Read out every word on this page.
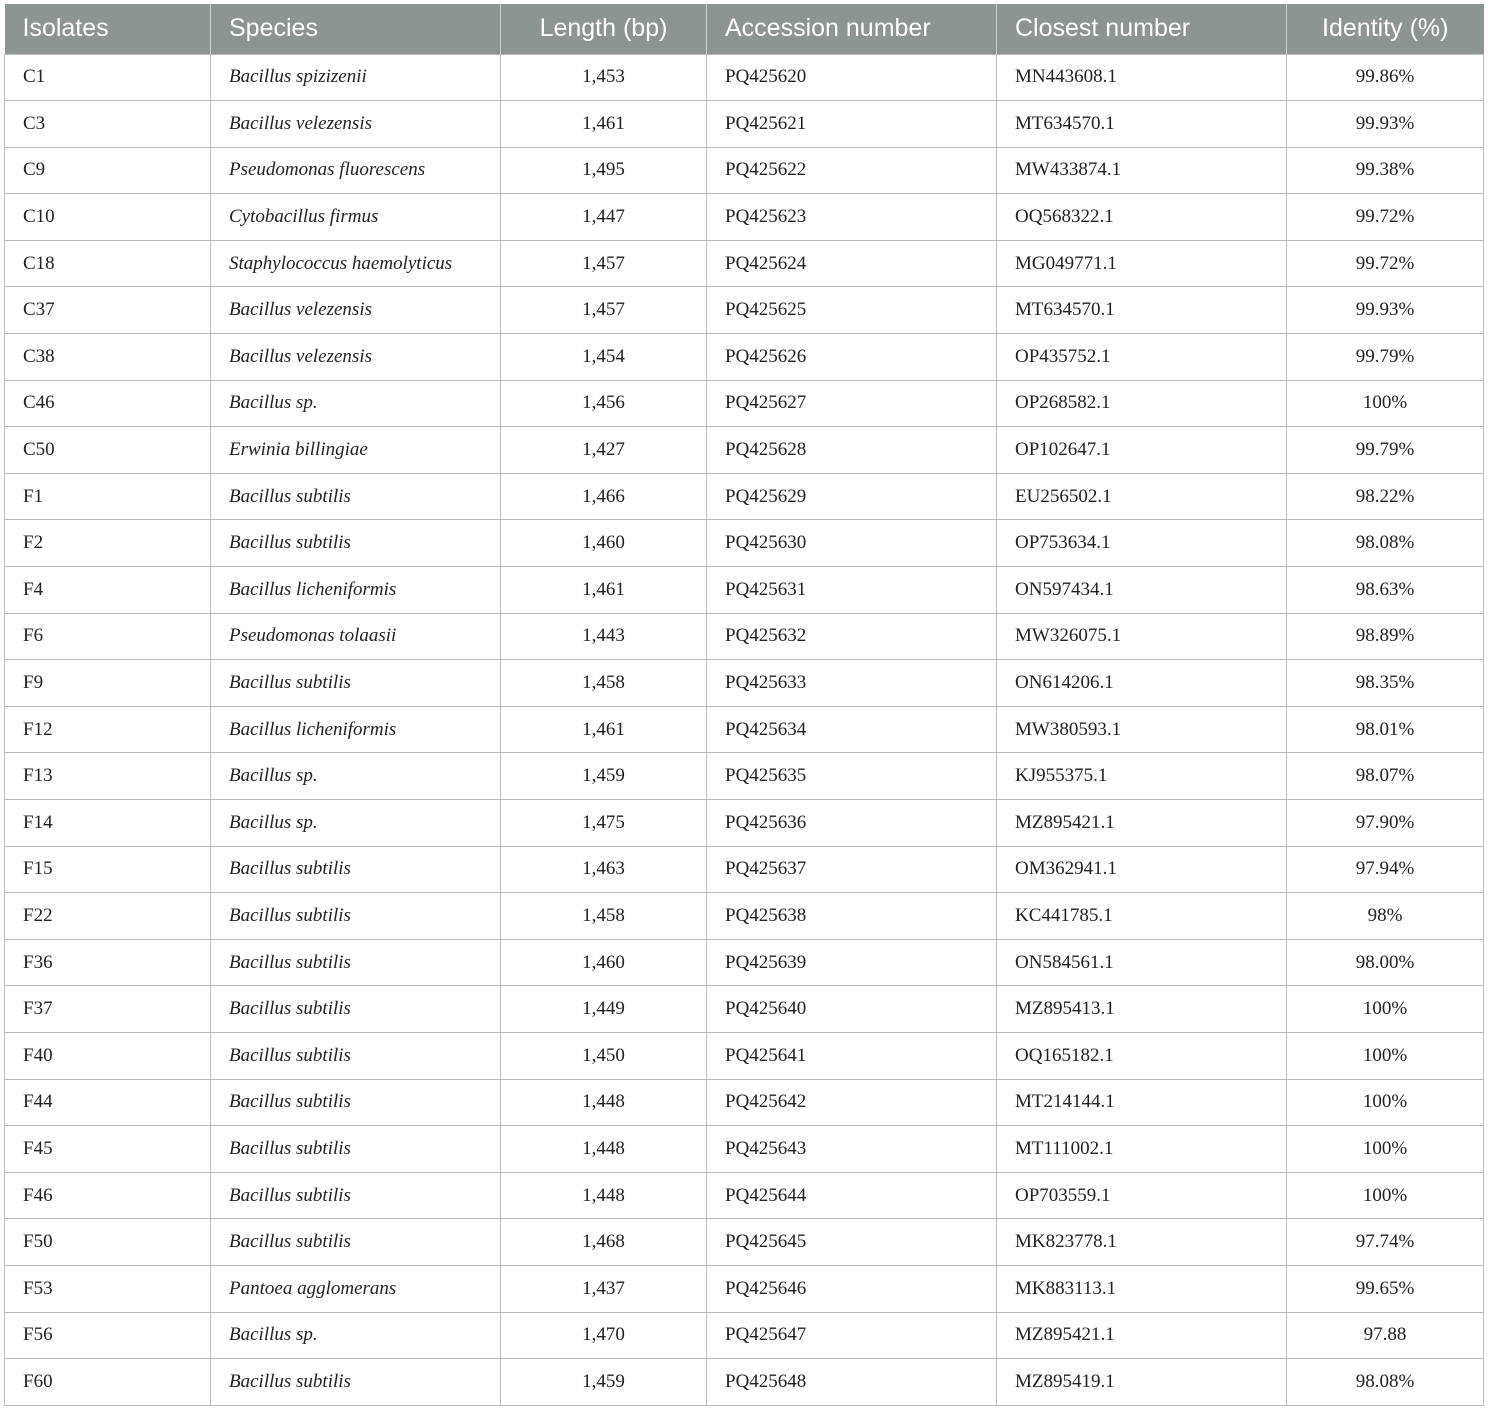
Isolates	Species	Length (bp)	Accession number	Closest number	Identity (%)
C1	Bacillus spizizenii	1,453	PQ425620	MN443608.1	99.86%
C3	Bacillus velezensis	1,461	PQ425621	MT634570.1	99.93%
C9	Pseudomonas fluorescens	1,495	PQ425622	MW433874.1	99.38%
C10	Cytobacillus firmus	1,447	PQ425623	OQ568322.1	99.72%
C18	Staphylococcus haemolyticus	1,457	PQ425624	MG049771.1	99.72%
C37	Bacillus velezensis	1,457	PQ425625	MT634570.1	99.93%
C38	Bacillus velezensis	1,454	PQ425626	OP435752.1	99.79%
C46	Bacillus sp.	1,456	PQ425627	OP268582.1	100%
C50	Erwinia billingiae	1,427	PQ425628	OP102647.1	99.79%
F1	Bacillus subtilis	1,466	PQ425629	EU256502.1	98.22%
F2	Bacillus subtilis	1,460	PQ425630	OP753634.1	98.08%
F4	Bacillus licheniformis	1,461	PQ425631	ON597434.1	98.63%
F6	Pseudomonas tolaasii	1,443	PQ425632	MW326075.1	98.89%
F9	Bacillus subtilis	1,458	PQ425633	ON614206.1	98.35%
F12	Bacillus licheniformis	1,461	PQ425634	MW380593.1	98.01%
F13	Bacillus sp.	1,459	PQ425635	KJ955375.1	98.07%
F14	Bacillus sp.	1,475	PQ425636	MZ895421.1	97.90%
F15	Bacillus subtilis	1,463	PQ425637	OM362941.1	97.94%
F22	Bacillus subtilis	1,458	PQ425638	KC441785.1	98%
F36	Bacillus subtilis	1,460	PQ425639	ON584561.1	98.00%
F37	Bacillus subtilis	1,449	PQ425640	MZ895413.1	100%
F40	Bacillus subtilis	1,450	PQ425641	OQ165182.1	100%
F44	Bacillus subtilis	1,448	PQ425642	MT214144.1	100%
F45	Bacillus subtilis	1,448	PQ425643	MT111002.1	100%
F46	Bacillus subtilis	1,448	PQ425644	OP703559.1	100%
F50	Bacillus subtilis	1,468	PQ425645	MK823778.1	97.74%
F53	Pantoea agglomerans	1,437	PQ425646	MK883113.1	99.65%
F56	Bacillus sp.	1,470	PQ425647	MZ895421.1	97.88
F60	Bacillus subtilis	1,459	PQ425648	MZ895419.1	98.08%
